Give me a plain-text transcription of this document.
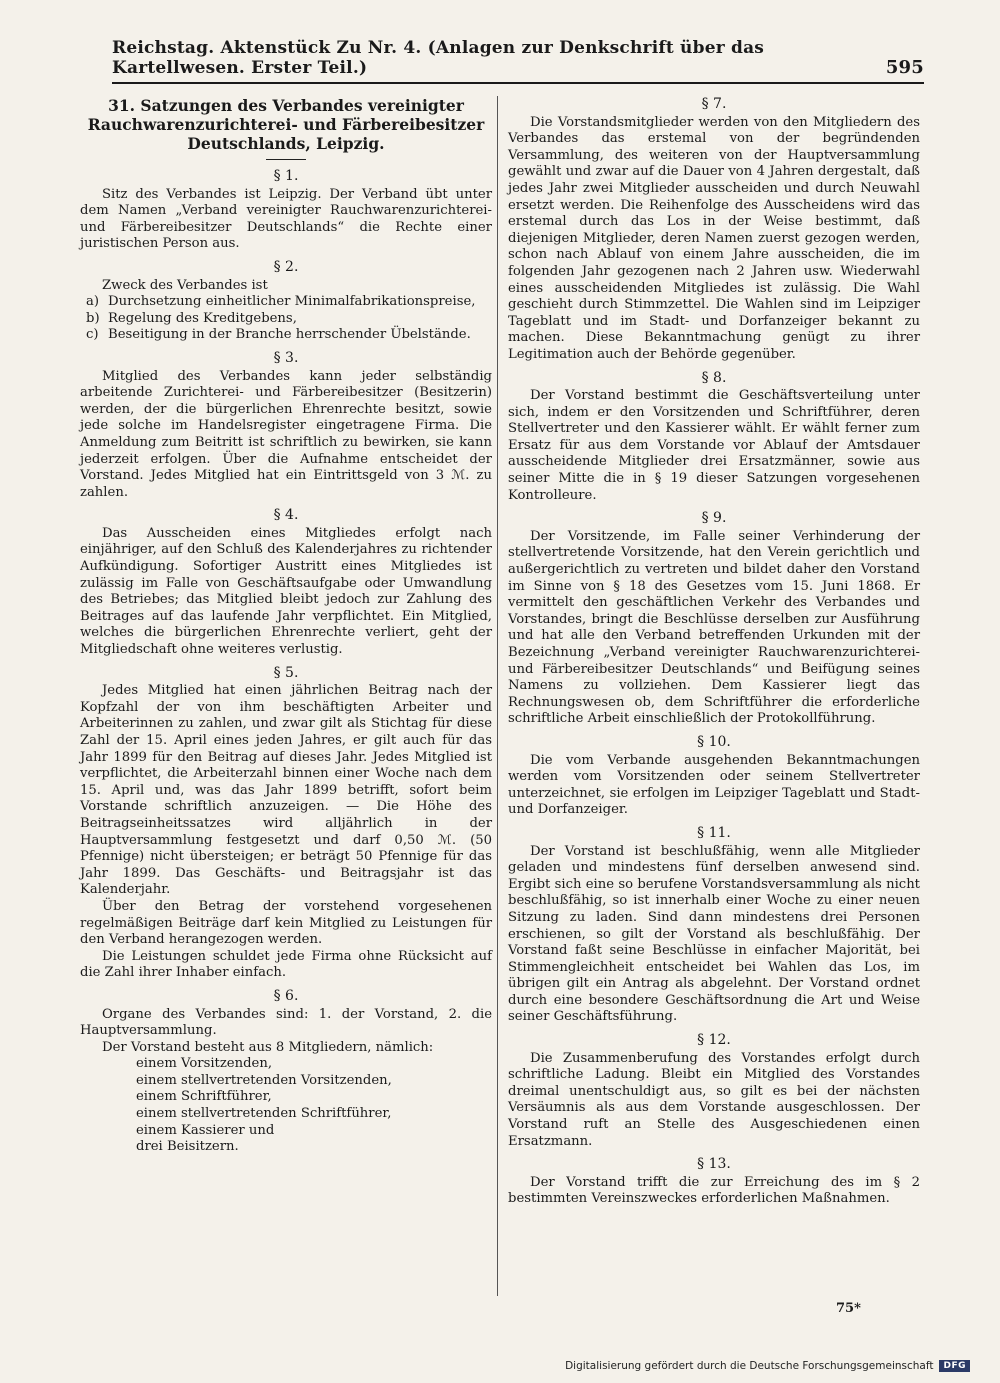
Reichstag. Aktenstück Zu Nr. 4. (Anlagen zur Denkschrift über das Kartellwesen. Erster Teil.)	595
31. Satzungen des Verbandes vereinigter Rauchwarenzurichterei- und Färbereibesitzer Deutschlands, Leipzig.
§ 1.

Sitz des Verbandes ist Leipzig. Der Verband übt unter dem Namen „Verband vereinigter Rauchwarenzurichterei- und Färbereibesitzer Deutschlands“ die Rechte einer juristischen Person aus.

§ 2.

Zweck des Verbandes ist

a) Durchsetzung einheitlicher Minimalfabrikationspreise,
b) Regelung des Kreditgebens,
c) Beseitigung in der Branche herrschender Übelstände.
§ 3.

Mitglied des Verbandes kann jeder selbständig arbeitende Zurichterei- und Färbereibesitzer (Besitzerin) werden, der die bürgerlichen Ehrenrechte besitzt, sowie jede solche im Handelsregister eingetragene Firma. Die Anmeldung zum Beitritt ist schriftlich zu bewirken, sie kann jederzeit erfolgen. Über die Aufnahme entscheidet der Vorstand. Jedes Mitglied hat ein Eintrittsgeld von 3 ℳ. zu zahlen.

§ 4.

Das Ausscheiden eines Mitgliedes erfolgt nach einjähriger, auf den Schluß des Kalenderjahres zu richtender Aufkündigung. Sofortiger Austritt eines Mitgliedes ist zulässig im Falle von Geschäftsaufgabe oder Umwandlung des Betriebes; das Mitglied bleibt jedoch zur Zahlung des Beitrages auf das laufende Jahr verpflichtet. Ein Mitglied, welches die bürgerlichen Ehrenrechte verliert, geht der Mitgliedschaft ohne weiteres verlustig.

§ 5.

Jedes Mitglied hat einen jährlichen Beitrag nach der Kopfzahl der von ihm beschäftigten Arbeiter und Arbeiterinnen zu zahlen, und zwar gilt als Stichtag für diese Zahl der 15. April eines jeden Jahres, er gilt auch für das Jahr 1899 für den Beitrag auf dieses Jahr. Jedes Mitglied ist verpflichtet, die Arbeiterzahl binnen einer Woche nach dem 15. April und, was das Jahr 1899 betrifft, sofort beim Vorstande schriftlich anzuzeigen. — Die Höhe des Beitragseinheitssatzes wird alljährlich in der Hauptversammlung festgesetzt und darf 0,50 ℳ. (50 Pfennige) nicht übersteigen; er beträgt 50 Pfennige für das Jahr 1899. Das Geschäfts- und Beitragsjahr ist das Kalenderjahr.

Über den Betrag der vorstehend vorgesehenen regelmäßigen Beiträge darf kein Mitglied zu Leistungen für den Verband herangezogen werden.

Die Leistungen schuldet jede Firma ohne Rücksicht auf die Zahl ihrer Inhaber einfach.

§ 6.

Organe des Verbandes sind: 1. der Vorstand, 2. die Hauptversammlung.

Der Vorstand besteht aus 8 Mitgliedern, nämlich:

einem Vorsitzenden,
einem stellvertretenden Vorsitzenden,
einem Schriftführer,
einem stellvertretenden Schriftführer,
einem Kassierer und
drei Beisitzern.
§ 7.

Die Vorstandsmitglieder werden von den Mitgliedern des Verbandes das erstemal von der begründenden Versammlung, des weiteren von der Hauptversammlung gewählt und zwar auf die Dauer von 4 Jahren dergestalt, daß jedes Jahr zwei Mitglieder ausscheiden und durch Neuwahl ersetzt werden. Die Reihenfolge des Ausscheidens wird das erstemal durch das Los in der Weise bestimmt, daß diejenigen Mitglieder, deren Namen zuerst gezogen werden, schon nach Ablauf von einem Jahre ausscheiden, die im folgenden Jahr gezogenen nach 2 Jahren usw. Wiederwahl eines ausscheidenden Mitgliedes ist zulässig. Die Wahl geschieht durch Stimmzettel. Die Wahlen sind im Leipziger Tageblatt und im Stadt- und Dorfanzeiger bekannt zu machen. Diese Bekanntmachung genügt zu ihrer Legitimation auch der Behörde gegenüber.

§ 8.

Der Vorstand bestimmt die Geschäftsverteilung unter sich, indem er den Vorsitzenden und Schriftführer, deren Stellvertreter und den Kassierer wählt. Er wählt ferner zum Ersatz für aus dem Vorstande vor Ablauf der Amtsdauer ausscheidende Mitglieder drei Ersatzmänner, sowie aus seiner Mitte die in § 19 dieser Satzungen vorgesehenen Kontrolleure.

§ 9.

Der Vorsitzende, im Falle seiner Verhinderung der stellvertretende Vorsitzende, hat den Verein gerichtlich und außergerichtlich zu vertreten und bildet daher den Vorstand im Sinne von § 18 des Gesetzes vom 15. Juni 1868. Er vermittelt den geschäftlichen Verkehr des Verbandes und Vorstandes, bringt die Beschlüsse derselben zur Ausführung und hat alle den Verband betreffenden Urkunden mit der Bezeichnung „Verband vereinigter Rauchwarenzurichterei- und Färbereibesitzer Deutschlands“ und Beifügung seines Namens zu vollziehen. Dem Kassierer liegt das Rechnungswesen ob, dem Schriftführer die erforderliche schriftliche Arbeit einschließlich der Protokollführung.

§ 10.

Die vom Verbande ausgehenden Bekanntmachungen werden vom Vorsitzenden oder seinem Stellvertreter unterzeichnet, sie erfolgen im Leipziger Tageblatt und Stadt- und Dorfanzeiger.

§ 11.

Der Vorstand ist beschlußfähig, wenn alle Mitglieder geladen und mindestens fünf derselben anwesend sind. Ergibt sich eine so berufene Vorstandsversammlung als nicht beschlußfähig, so ist innerhalb einer Woche zu einer neuen Sitzung zu laden. Sind dann mindestens drei Personen erschienen, so gilt der Vorstand als beschlußfähig. Der Vorstand faßt seine Beschlüsse in einfacher Majorität, bei Stimmengleichheit entscheidet bei Wahlen das Los, im übrigen gilt ein Antrag als abgelehnt. Der Vorstand ordnet durch eine besondere Geschäftsordnung die Art und Weise seiner Geschäftsführung.

§ 12.

Die Zusammenberufung des Vorstandes erfolgt durch schriftliche Ladung. Bleibt ein Mitglied des Vorstandes dreimal unentschuldigt aus, so gilt es bei der nächsten Versäumnis als aus dem Vorstande ausgeschlossen. Der Vorstand ruft an Stelle des Ausgeschiedenen einen Ersatzmann.

§ 13.

Der Vorstand trifft die zur Erreichung des im § 2 bestimmten Vereinszweckes erforderlichen Maßnahmen.

75*
Digitalisierung gefördert durch die Deutsche Forschungsgemeinschaft	DFG
